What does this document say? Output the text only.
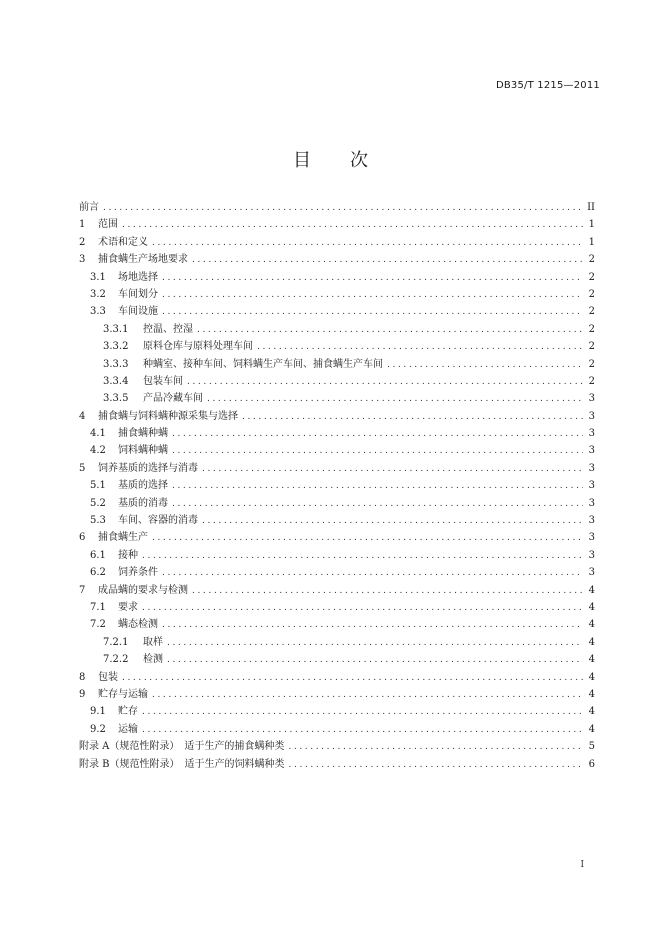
DB35/T 1215—2011
目　　次
前言 .....	II
1 范围 .....	1
2 术语和定义 .....	1
3 捕食螨生产场地要求 .....	2
3.1 场地选择 .....	2
3.2 车间划分 .....	2
3.3 车间设施 .....	2
3.3.1	控温、控湿 .....	2
3.3.2	原料仓库与原料处理车间 .....	2
3.3.3	种螨室、接种车间、饲料螨生产车间、捕食螨生产车间 .....	2
3.3.4	包装车间 .....	2
3.3.5	产品冷藏车间 .....	3
4 捕食螨与饲料螨种源采集与选择 .....	3
4.1 捕食螨种螨 .....	3
4.2 饲料螨种螨 .....	3
5 饲养基质的选择与消毒 .....	3
5.1 基质的选择 .....	3
5.2 基质的消毒 .....	3
5.3 车间、容器的消毒 .....	3
6 捕食螨生产 .....	3
6.1 接种 .....	3
6.2 饲养条件 .....	3
7 成品螨的要求与检测 .....	4
7.1 要求 .....	4
7.2 螨态检测 .....	4
7.2.1	取样 .....	4
7.2.2	检测 .....	4
8 包装 .....	4
9 贮存与运输 .....	4
9.1 贮存 .....	4
9.2 运输 .....	4
附录 A（规范性附录）　适于生产的捕食螨种类 .....	5
附录 B（规范性附录）　适于生产的饲料螨种类 .....	6
I
